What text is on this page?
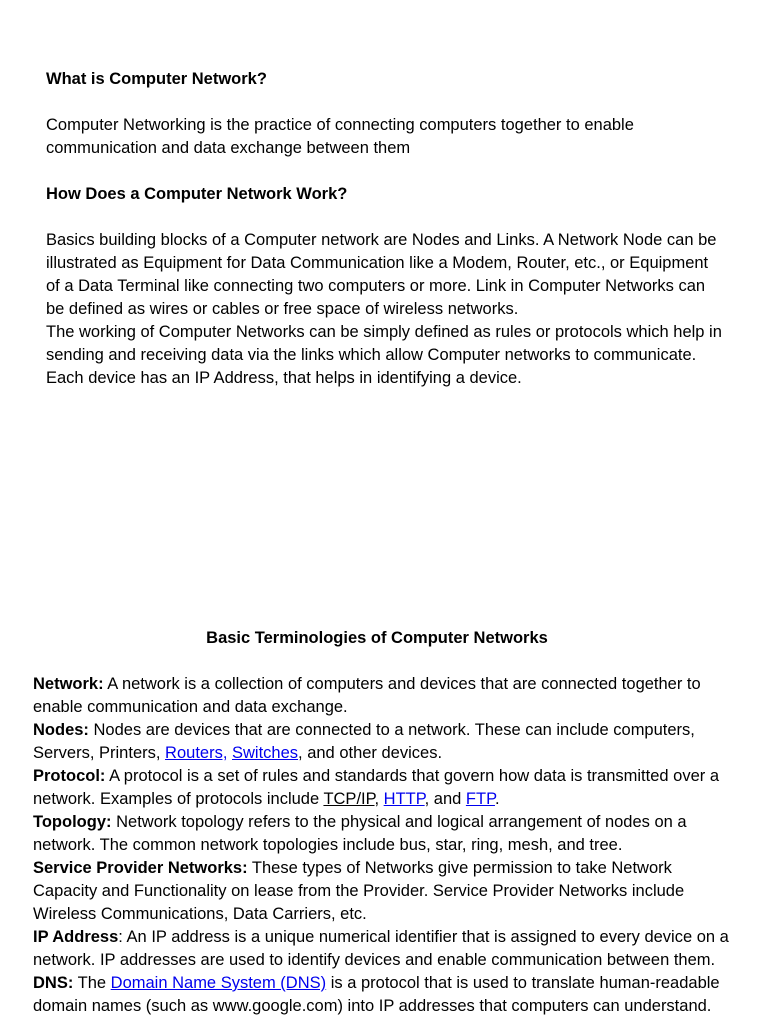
What is Computer Network?

Computer Networking is the practice of connecting computers together to enable communication and data exchange between them

How Does a Computer Network Work?

Basics building blocks of a Computer network are Nodes and Links. A Network Node can be illustrated as Equipment for Data Communication like a Modem, Router, etc., or Equipment of a Data Terminal like connecting two computers or more. Link in Computer Networks can be defined as wires or cables or free space of wireless networks.
The working of Computer Networks can be simply defined as rules or protocols which help in sending and receiving data via the links which allow Computer networks to communicate. Each device has an IP Address, that helps in identifying a device.

Basic Terminologies of Computer Networks

Network: A network is a collection of computers and devices that are connected together to enable communication and data exchange.
Nodes: Nodes are devices that are connected to a network. These can include computers, Servers, Printers, Routers, Switches, and other devices.
Protocol: A protocol is a set of rules and standards that govern how data is transmitted over a network. Examples of protocols include TCP/IP, HTTP, and FTP.
Topology: Network topology refers to the physical and logical arrangement of nodes on a network. The common network topologies include bus, star, ring, mesh, and tree.
Service Provider Networks: These types of Networks give permission to take Network Capacity and Functionality on lease from the Provider. Service Provider Networks include Wireless Communications, Data Carriers, etc.
IP Address: An IP address is a unique numerical identifier that is assigned to every device on a network. IP addresses are used to identify devices and enable communication between them.
DNS: The Domain Name System (DNS) is a protocol that is used to translate human-readable domain names (such as www.google.com) into IP addresses that computers can understand.
